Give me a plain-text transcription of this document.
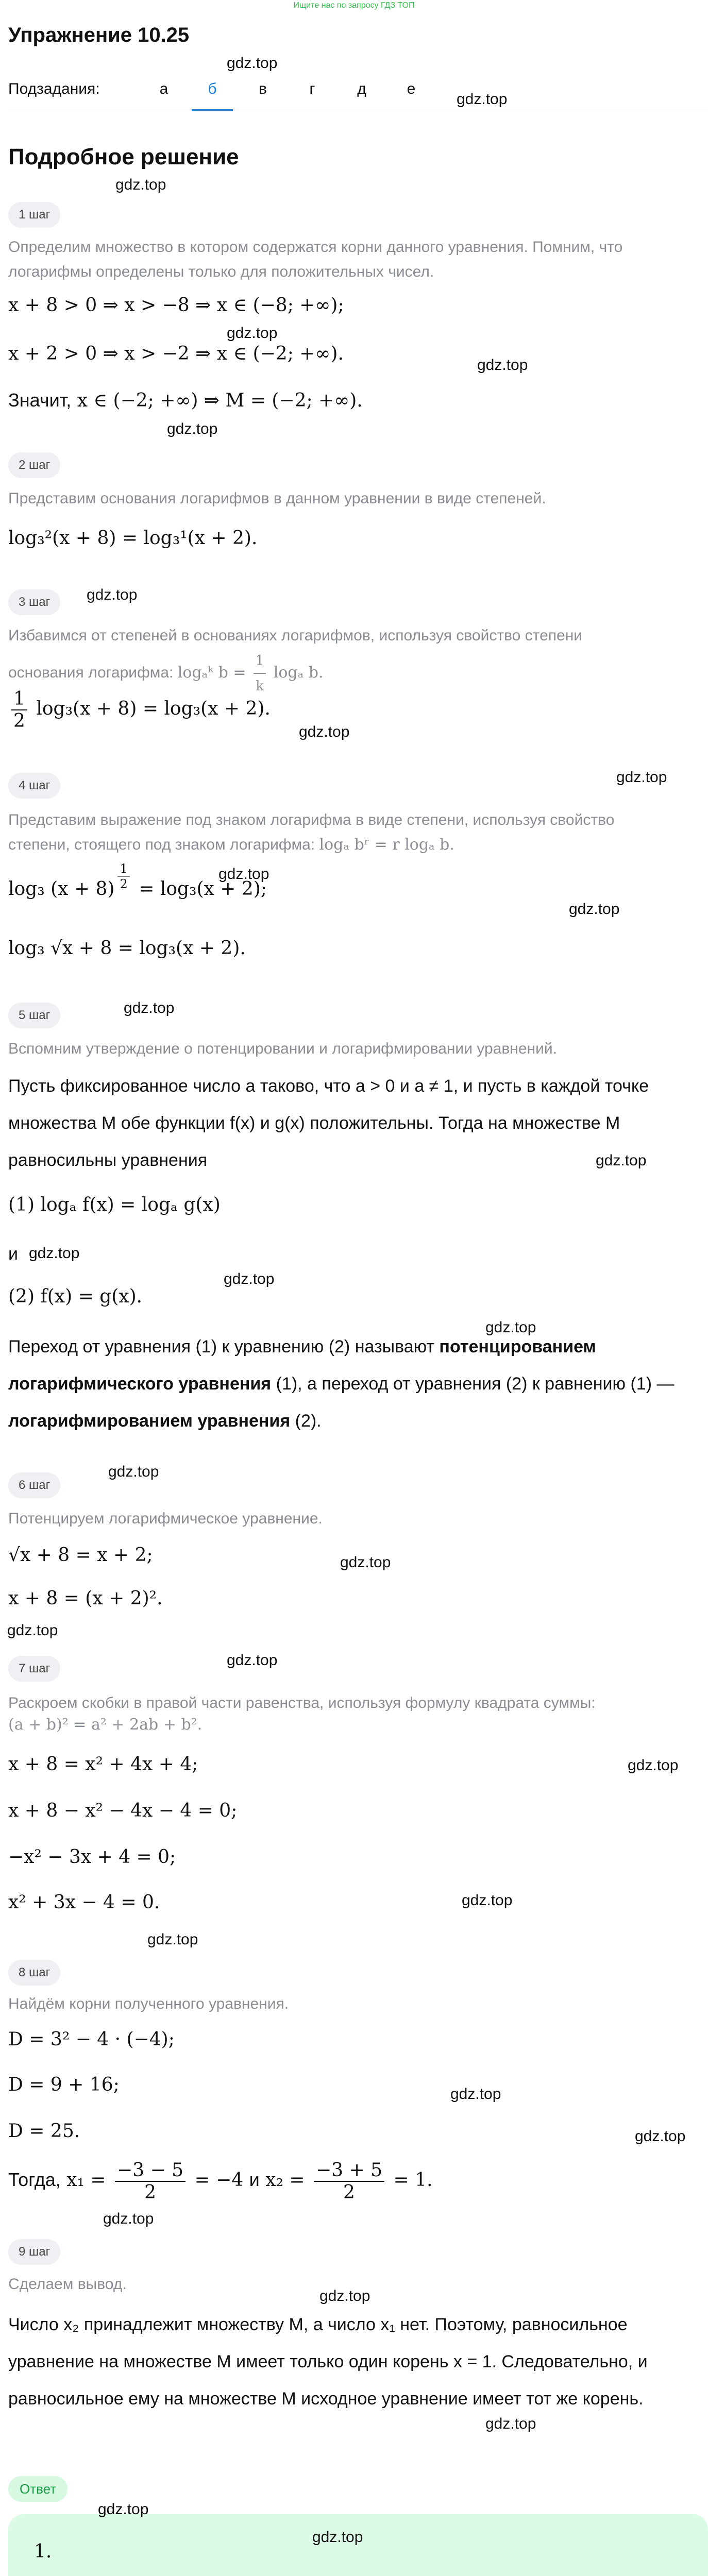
Ищите нас по запросу ГДЗ ТОП
Упражнение 10.25
Подзадания:	а	б	в	г	д	е
Подробное решение
1 шаг

Определим множество в котором содержатся корни данного уравнения. Помним, что логарифмы определены только для положительных чисел.

x + 8 > 0 ⇒ x > −8 ⇒ x ∈ (−8; +∞);
x + 2 > 0 ⇒ x > −2 ⇒ x ∈ (−2; +∞).
Значит, x ∈ (−2; +∞) ⇒ M = (−2; +∞).
2 шаг

Представим основания логарифмов в данном уравнении в виде степеней.

log₃²(x + 8) = log₃¹(x + 2).
3 шаг

Избавимся от степеней в основаниях логарифмов, используя свойство степени

основания логарифма: logₐᵏ $b = \frac{1}{k}$ logₐ b.
$\frac{1}{2} \log_3(x + 8) = \log_3(x + 2)$.
4 шаг

Представим выражение под знаком логарифма в виде степени, используя свойство

степени, стоящего под знаком логарифма: logₐ bʳ = r logₐ b.
log₃ $(x + 8) \frac{1}{2} = \log_3(x + 2)$;
log₃ √x + 8 = log₃(x + 2).
5 шаг

Вспомним утверждение о потенцировании и логарифмировании уравнений.

Пусть фиксированное число a таково, что a > 0 и a ≠ 1, и пусть в каждой точке множества M обе функции f(x) и g(x) положительны. Тогда на множестве M равносильны уравнения

(1) logₐ f(x) = logₐ g(x)
и
(2) f(x) = g(x).

Переход от уравнения (1) к уравнению (2) называют потенцированием логарифмического уравнения (1), а переход от уравнения (2) к равнению (1) — логарифмированием уравнения (2).

6 шаг

Потенцируем логарифмическое уравнение.

√x + 8 = x + 2;
x + 8 = (x + 2)².
7 шаг

Раскроем скобки в правой части равенства, используя формулу квадрата суммы:

(a + b)² = a² + 2ab + b².

x + 8 = x² + 4x + 4;
x + 8 − x² − 4x − 4 = 0;
−x² − 3x + 4 = 0;
x² + 3x − 4 = 0.
8 шаг

Найдём корни полученного уравнения.

D = 3² − 4 · (−4);
D = 9 + 16;
D = 25.
Тогда, $x_1 = \frac{-3 - 5}{2} = -4$ и $x_2 = \frac{-3 + 5}{2} = 1$.
9 шаг

Сделаем вывод.

Число x₂ принадлежит множеству M, а число x₁ нет. Поэтому, равносильное уравнение на множестве M имеет только один корень x = 1. Следовательно, и равносильное ему на множестве M исходное уравнение имеет тот же корень.

Ответ
1.
gdz.top
gdz.top
gdz.top
gdz.top
gdz.top
gdz.top
gdz.top
gdz.top
gdz.top
gdz.top
gdz.top
gdz.top
gdz.top
gdz.top
gdz.top
gdz.top
gdz.top
gdz.top
gdz.top
gdz.top
gdz.top
gdz.top
gdz.top
gdz.top
gdz.top
gdz.top
gdz.top
gdz.top
gdz.top
gdz.top
